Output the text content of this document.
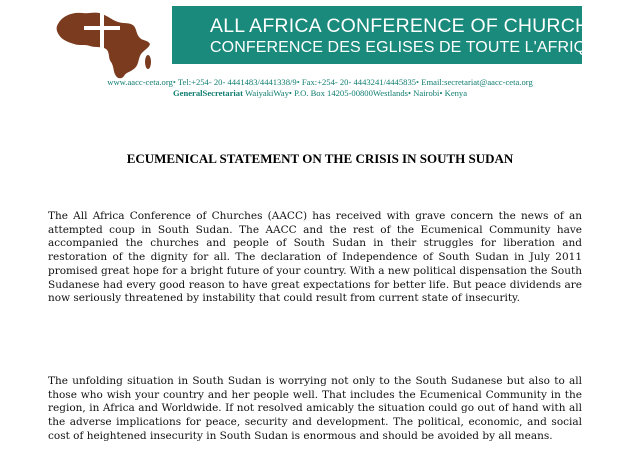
ALL AFRICA CONFERENCE OF CHURCHES
CONFERENCE DES EGLISES DE TOUTE L'AFRIQUE
www.aacc-ceta.org• Tel:+254- 20- 4441483/4441338/9• Fax:+254- 20- 4443241/4445835• Email:secretariat@aacc-ceta.org
GeneralSecretariat WaiyakiWay• P.O. Box 14205-00800Westlands• Nairobi• Kenya
ECUMENICAL STATEMENT ON THE CRISIS IN SOUTH SUDAN

The All Africa Conference of Churches (AACC) has received with grave concern the news of an attempted coup in South Sudan. The AACC and the rest of the Ecumenical Community have accompanied the churches and people of South Sudan in their struggles for liberation and restoration of the dignity for all. The declaration of Independence of South Sudan in July 2011 promised great hope for a bright future of your country. With a new political dispensation the South Sudanese had every good reason to have great expectations for better life. But peace dividends are now seriously threatened by instability that could result from current state of insecurity.

The unfolding situation in South Sudan is worrying not only to the South Sudanese but also to all those who wish your country and her people well. That includes the Ecumenical Community in the region, in Africa and Worldwide. If not resolved amicably the situation could go out of hand with all the adverse implications for peace, security and development. The political, economic, and social cost of heightened insecurity in South Sudan is enormous and should be avoided by all means.
